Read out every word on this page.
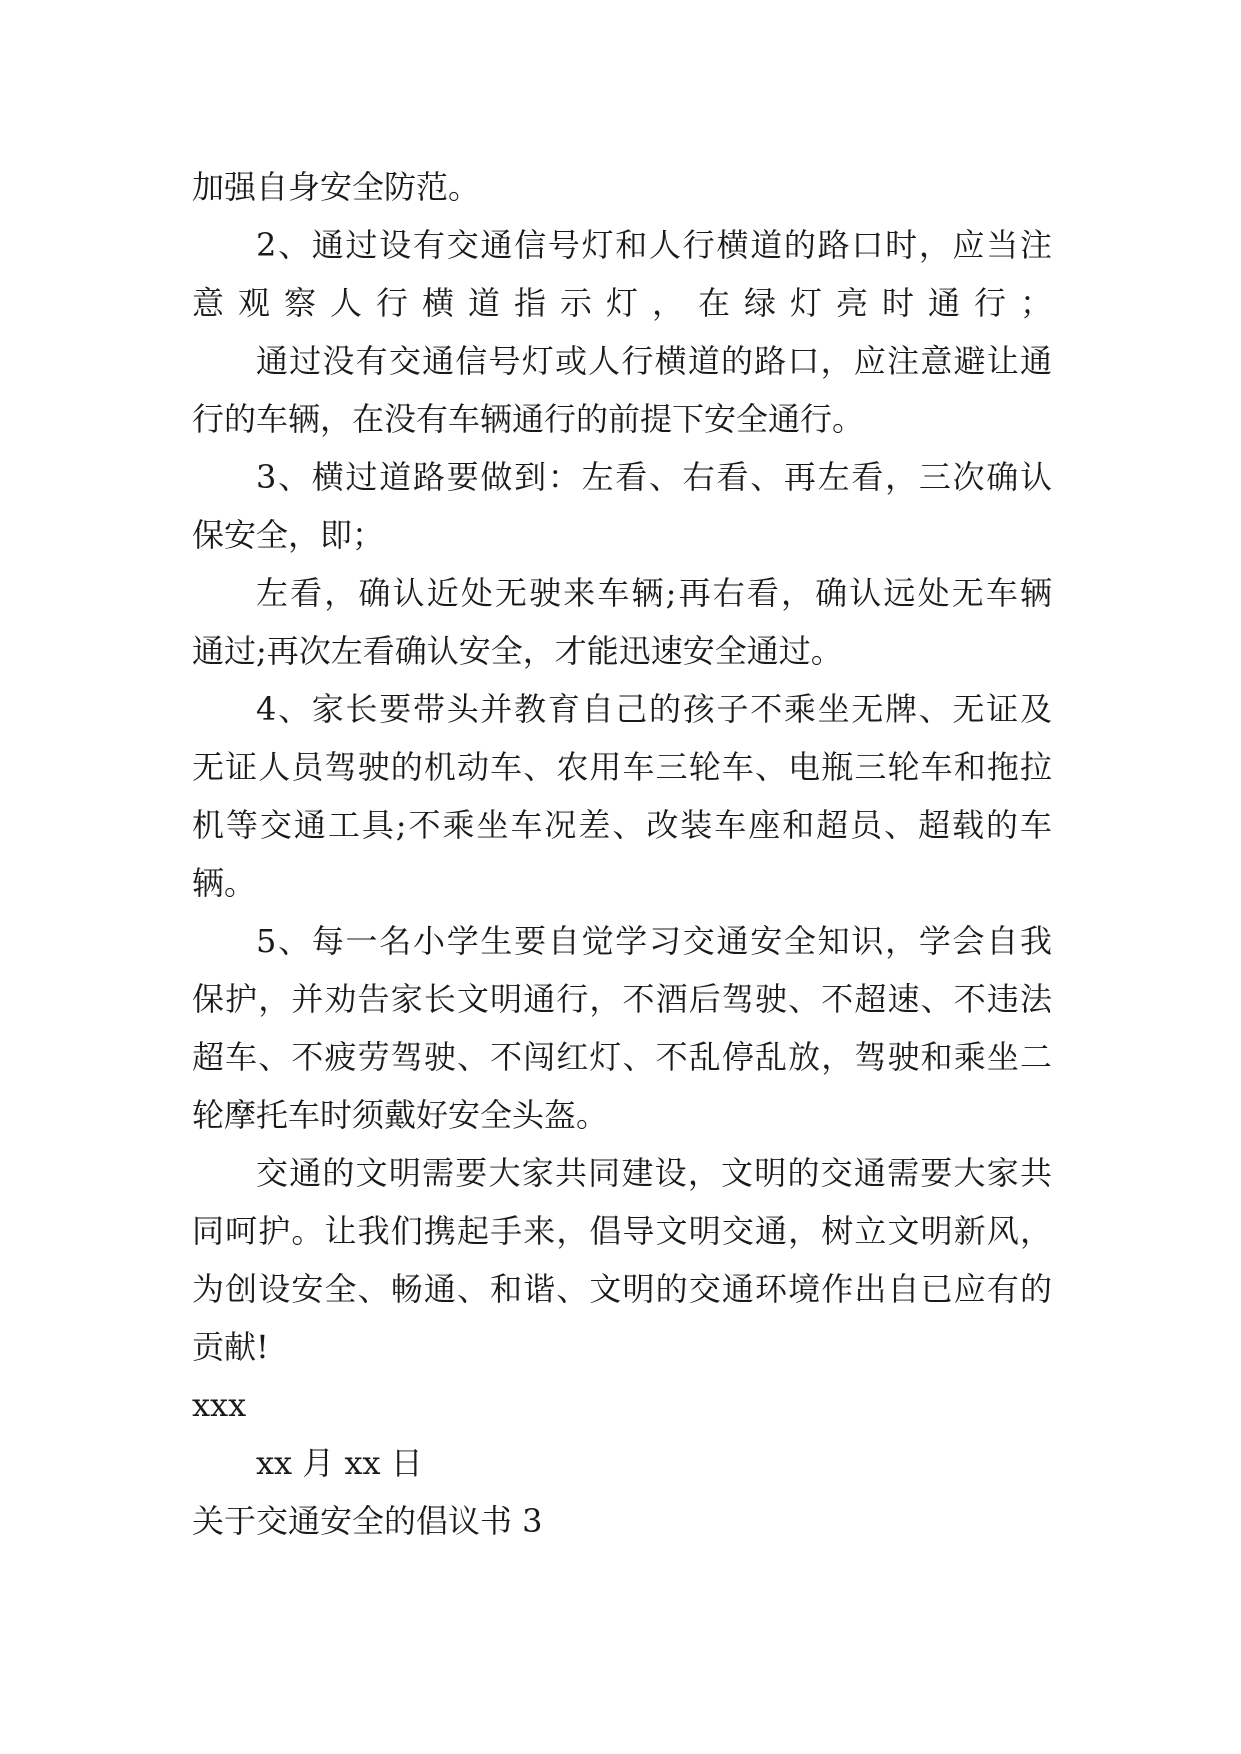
加强自身安全防范。
2、通过设有交通信号灯和人行横道的路口时，应当注
意观察人行横道指示灯，在绿灯亮时通行；
通过没有交通信号灯或人行横道的路口，应注意避让通
行的车辆，在没有车辆通行的前提下安全通行。
3、横过道路要做到：左看、右看、再左看，三次确认
保安全，即；
左看，确认近处无驶来车辆;再右看，确认远处无车辆
通过;再次左看确认安全，才能迅速安全通过。
4、家长要带头并教育自己的孩子不乘坐无牌、无证及
无证人员驾驶的机动车、农用车三轮车、电瓶三轮车和拖拉
机等交通工具;不乘坐车况差、改装车座和超员、超载的车
辆。
5、每一名小学生要自觉学习交通安全知识，学会自我
保护，并劝告家长文明通行，不酒后驾驶、不超速、不违法
超车、不疲劳驾驶、不闯红灯、不乱停乱放，驾驶和乘坐二
轮摩托车时须戴好安全头盔。
交通的文明需要大家共同建设，文明的交通需要大家共
同呵护。让我们携起手来，倡导文明交通，树立文明新风，
为创设安全、畅通、和谐、文明的交通环境作出自已应有的
贡献!
xxx
xx 月 xx 日
关于交通安全的倡议书 3
